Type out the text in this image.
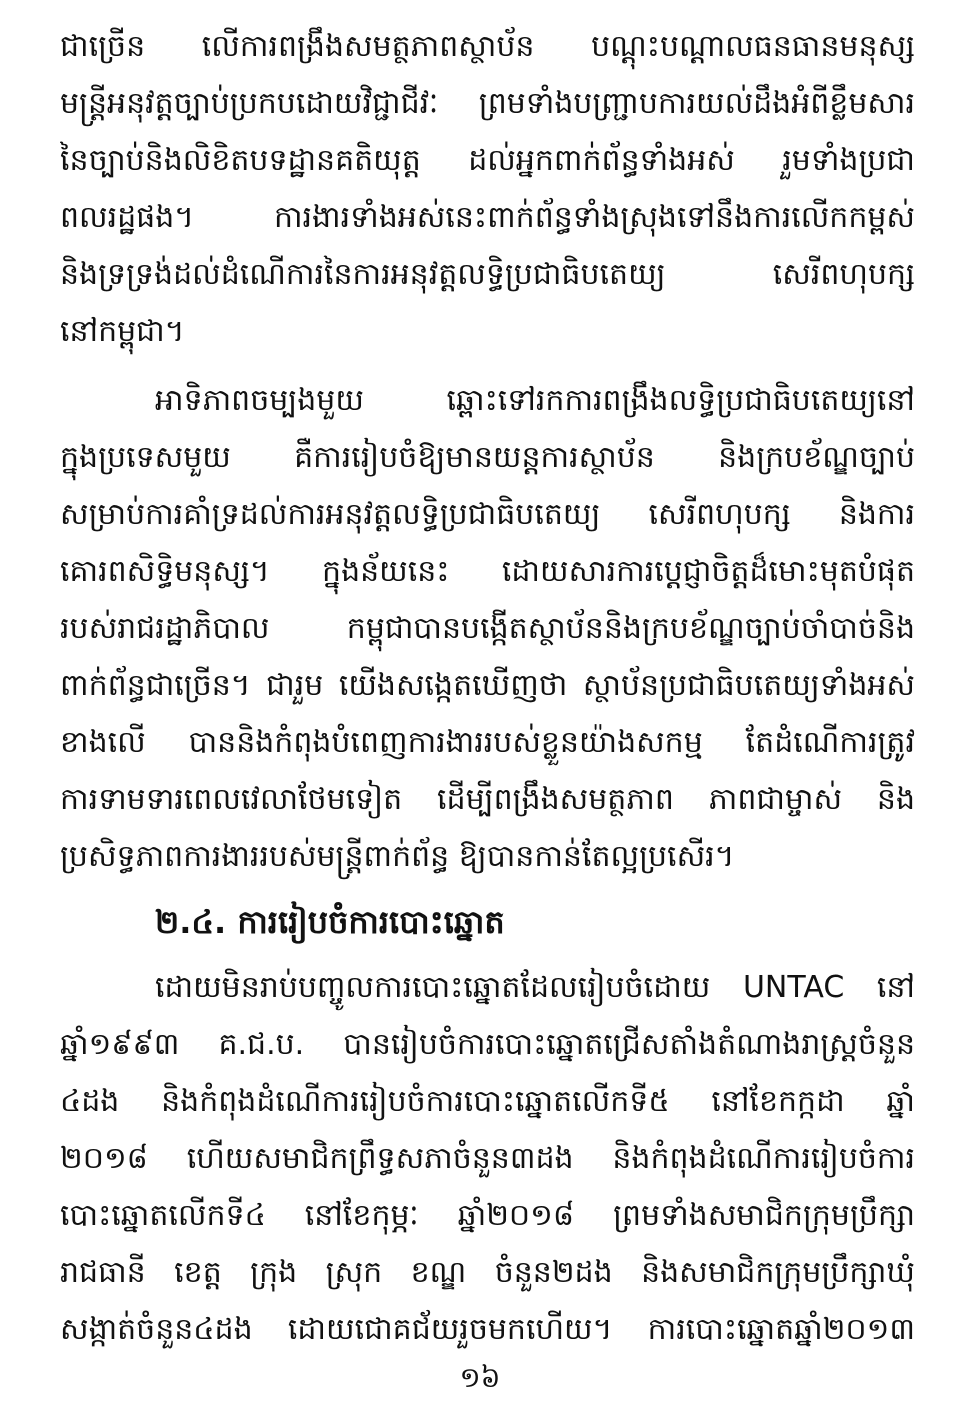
ជាច្រើន លើការពង្រឹងសមត្ថភាពស្ថាប័ន បណ្ដុះបណ្ដាលធនធានមនុស្ស
មន្ត្រីអនុវត្តច្បាប់ប្រកបដោយវិជ្ជាជីវៈ ព្រមទាំងបញ្ជ្រាបការយល់ដឹងអំពីខ្លឹមសារ
នៃច្បាប់និងលិខិតបទដ្ឋានគតិយុត្ត ដល់អ្នកពាក់ព័ន្ធទាំងអស់ រួមទាំងប្រជា
ពលរដ្ឋផង។ ការងារទាំងអស់នេះពាក់ព័ន្ធទាំងស្រុងទៅនឹងការលើកកម្ពស់
និងទ្រទ្រង់ដល់ដំណើការនៃការអនុវត្តលទ្ធិប្រជាធិបតេយ្យ សេរីពហុបក្ស
នៅកម្ពុជា។
អាទិភាពចម្បងមួយ ឆ្ពោះទៅរកការពង្រឹងលទ្ធិប្រជាធិបតេយ្យនៅ
ក្នុងប្រទេសមួយ គឺការរៀបចំឱ្យមានយន្តការស្ថាប័ន និងក្របខ័ណ្ឌច្បាប់
សម្រាប់ការគាំទ្រដល់ការអនុវត្តលទ្ធិប្រជាធិបតេយ្យ សេរីពហុបក្ស និងការ
គោរពសិទ្ធិមនុស្ស។ ក្នុងន័យនេះ ដោយសារការប្ដេជ្ញាចិត្តដ៏មោះមុតបំផុត
របស់រាជរដ្ឋាភិបាល កម្ពុជាបានបង្កើតស្ថាប័ននិងក្របខ័ណ្ឌច្បាប់ចាំបាច់និង
ពាក់ព័ន្ធជាច្រើន។ ជារួម យើងសង្កេតឃើញថា ស្ថាប័នប្រជាធិបតេយ្យទាំងអស់
ខាងលើ បាននិងកំពុងបំពេញការងាររបស់ខ្លួនយ៉ាងសកម្ម តែដំណើការត្រូវ
ការទាមទារពេលវេលាថែមទៀត ដើម្បីពង្រឹងសមត្ថភាព ភាពជាម្ចាស់ និង
ប្រសិទ្ធភាពការងាររបស់មន្ត្រីពាក់ព័ន្ធ ឱ្យបានកាន់តែល្អប្រសើរ។
២.៤. ការរៀបចំការបោះឆ្នោត
ដោយមិនរាប់បញ្ចូលការបោះឆ្នោតដែលរៀបចំដោយ UNTAC នៅ
ឆ្នាំ១៩៩៣ គ.ជ.ប. បានរៀបចំការបោះឆ្នោតជ្រើសតាំងតំណាងរាស្ត្រចំនួន
៤ដង និងកំពុងដំណើការរៀបចំការបោះឆ្នោតលើកទី៥ នៅខែកក្កដា ឆ្នាំ
២០១៨ ហើយសមាជិកព្រឹទ្ធសភាចំនួន៣ដង និងកំពុងដំណើការរៀបចំការ
បោះឆ្នោតលើកទី៤ នៅខែកុម្ភៈ ឆ្នាំ២០១៨ ព្រមទាំងសមាជិកក្រុមប្រឹក្សា
រាជធានី ខេត្ត ក្រុង ស្រុក ខណ្ឌ ចំនួន២ដង និងសមាជិកក្រុមប្រឹក្សាឃុំ
សង្កាត់ចំនួន៤ដង ដោយជោគជ័យរួចមកហើយ។ ការបោះឆ្នោតឆ្នាំ២០១៣
១៦
